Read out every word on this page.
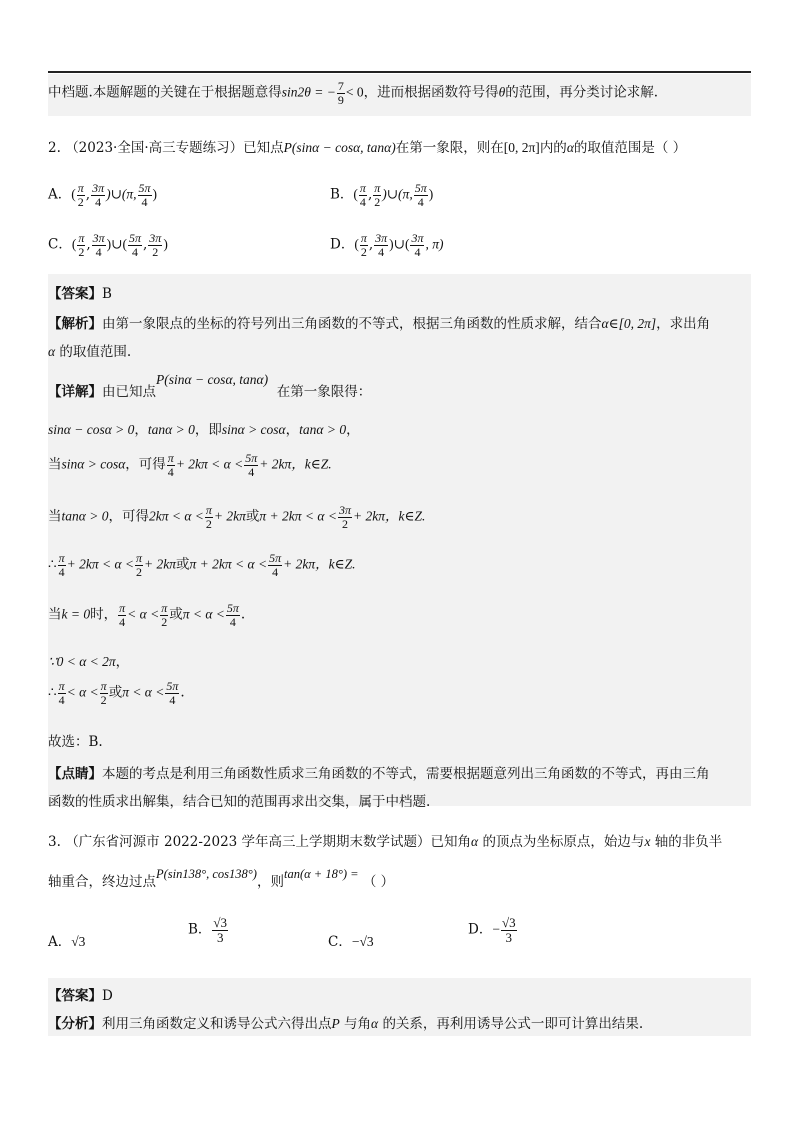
中档题.本题解题的关键在于根据题意得sin2θ = − $\frac{7}{9} < 0$，进而根据函数符号得θ的范围，再分类讨论求解.
2. （2023·全国·高三专题练习）已知点P(sinα − cosα, tanα)在第一象限，则在[0, 2π]内的α的取值范围是（ ）
A．( $\frac{\pi}{2}$ , $\frac{3\pi}{4}$ )∪(π, $\frac{5\pi}{4}$ )	B．( $\frac{\pi}{4}$ , $\frac{\pi}{2}$ )∪(π, $\frac{5\pi}{4}$ )
C．( $\frac{\pi}{2}$ , $\frac{3\pi}{4}$ )∪( $\frac{5\pi}{4}$ , $\frac{3\pi}{2}$ )	D．( $\frac{\pi}{2}$ , $\frac{3\pi}{4}$ )∪( $\frac{3\pi}{4}$ , π)
【答案】B
【解析】由第一象限点的坐标的符号列出三角函数的不等式，根据三角函数的性质求解，结合α∈[0, 2π]，求出角
α 的取值范围.
【详解】由已知点P(sinα − cosα, tanα)  在第一象限得：
sinα − cosα > 0，tanα > 0，即sinα > cosα，tanα > 0，
当sinα > cosα，可得 $\frac{\pi}{4} + 2k\pi < \alpha < \frac{5\pi}{4} + 2k\pi$，k∈Z.
当tanα > 0，可得$2k\pi < \alpha < \frac{\pi}{2} + 2k\pi$或$\pi + 2k\pi < \alpha < \frac{3\pi}{2} + 2k\pi$，k∈Z.
∴ $\frac{\pi}{4} + 2k\pi < \alpha < \frac{\pi}{2} + 2k\pi$或$\pi + 2k\pi < \alpha < \frac{5\pi}{4} + 2k\pi$，k∈Z.
当k = 0时， $\frac{\pi}{4} < \alpha < \frac{\pi}{2}$ 或$\pi < \alpha < \frac{5\pi}{4}$ .
∵0 < α < 2π，
∴ $\frac{\pi}{4} < \alpha < \frac{\pi}{2}$ 或$\pi < \alpha < \frac{5\pi}{4}$ .
故选：B.
【点睛】本题的考点是利用三角函数性质求三角函数的不等式，需要根据题意列出三角函数的不等式，再由三角
函数的性质求出解集，结合已知的范围再求出交集，属于中档题.
3. （广东省河源市 2022-2023 学年高三上学期期末数学试题）已知角α 的顶点为坐标原点，始边与x 轴的非负半
轴重合，终边过点P(sin138°, cos138°)，则tan(α + 18°) = （ ）
A．√3
B． $\frac{√3}{3}$	C．−√3
D．− $\frac{√3}{3}$
【答案】D
【分析】利用三角函数定义和诱导公式六得出点P 与角α 的关系，再利用诱导公式一即可计算出结果.
